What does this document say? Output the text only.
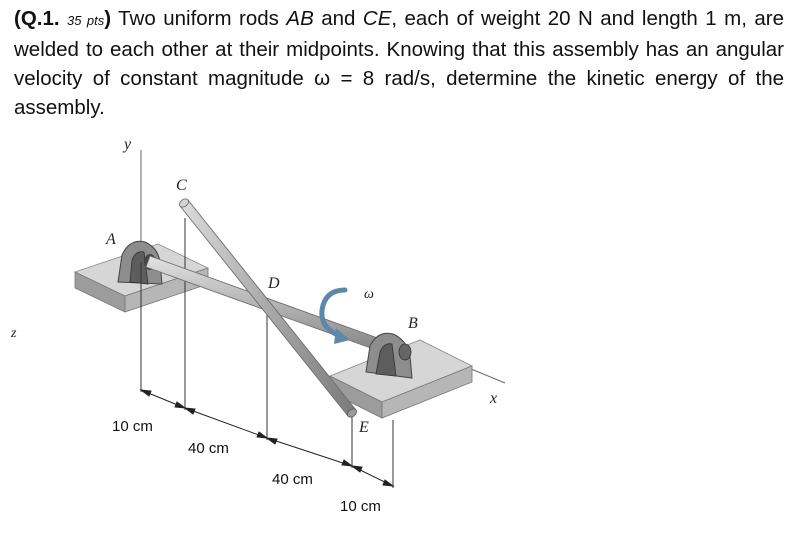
(Q.1. 35 pts) Two uniform rods AB and CE, each of weight 20 N and length 1 m, are welded to each other at their midpoints. Knowing that this assembly has an angular velocity of constant magnitude ω = 8 rad/s, determine the kinetic energy of the assembly.
y
z
x
A
C
D
B
E
ω
10 cm
40 cm
40 cm
10 cm
